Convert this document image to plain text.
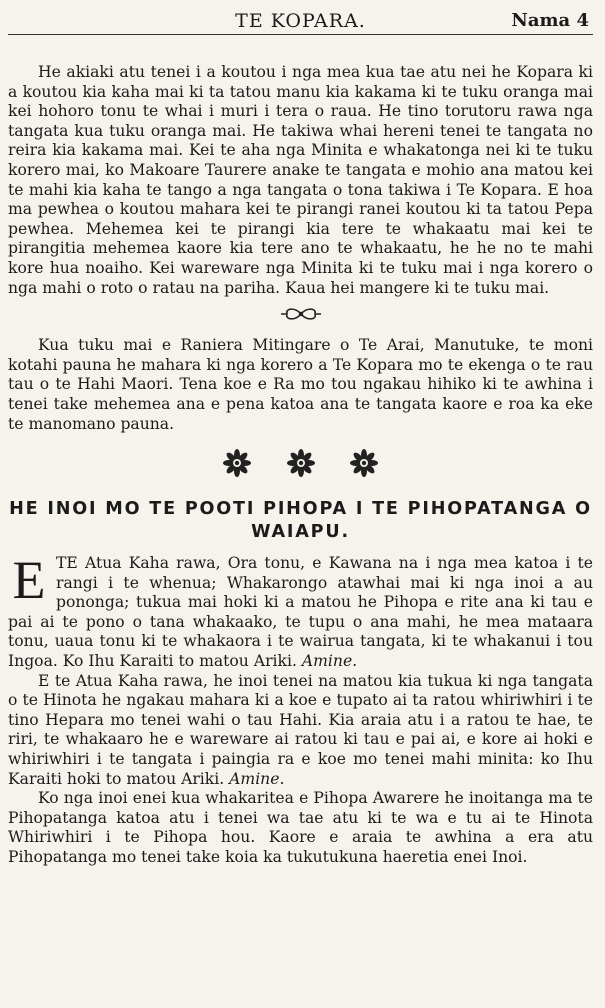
TE KOPARA.	Nama 4

He akiaki atu tenei i a koutou i nga mea kua tae atu nei he Kopara ki a koutou kia kaha mai ki ta tatou manu kia kakama ki te tuku oranga mai kei hohoro tonu te whai i muri i tera o raua. He tino torutoru rawa nga tangata kua tuku oranga mai. He takiwa whai hereni tenei te tangata no reira kia kakama mai. Kei te aha nga Minita e whakatonga nei ki te tuku korero mai, ko Makoare Taurere anake te tangata e mohio ana matou kei te mahi kia kaha te tango a nga tangata o tona takiwa i Te Kopara. E hoa ma pewhea o koutou mahara kei te pirangi ranei koutou ki ta tatou Pepa pewhea. Mehemea kei te pirangi kia tere te whakaatu mai kei te pirangitia mehemea kaore kia tere ano te whakaatu, he he no te mahi kore hua noaiho. Kei wareware nga Minita ki te tuku mai i nga korero o nga mahi o roto o ratau na pariha. Kaua hei mangere ki te tuku mai.

Kua tuku mai e Raniera Mitingare o Te Arai, Manutuke, te moni kotahi pauna he mahara ki nga korero a Te Kopara mo te ekenga o te rau tau o te Hahi Maori. Tena koe e Ra mo tou ngakau hihiko ki te awhina i tenei take mehemea ana e pena katoa ana te tangata kaore e roa ka eke te manomano pauna.

HE INOI MO TE POOTI PIHOPA I TE PIHOPATANGA O WAIAPU.

ETE Atua Kaha rawa, Ora tonu, e Kawana na i nga mea katoa i te rangi i te whenua; Whakarongo atawhai mai ki nga inoi a au pononga; tukua mai hoki ki a matou he Pihopa e rite ana ki tau e pai ai te pono o tana whakaako, te tupu o ana mahi, he mea mataara tonu, uaua tonu ki te whakaora i te wairua tangata, ki te whakanui i tou Ingoa. Ko Ihu Karaiti to matou Ariki. Amine.

E te Atua Kaha rawa, he inoi tenei na matou kia tukua ki nga tangata o te Hinota he ngakau mahara ki a koe e tupato ai ta ratou whiriwhiri i te tino Hepara mo tenei wahi o tau Hahi. Kia araia atu i a ratou te hae, te riri, te whakaaro he e wareware ai ratou ki tau e pai ai, e kore ai hoki e whiriwhiri i te tangata i paingia ra e koe mo tenei mahi minita: ko Ihu Karaiti hoki to matou Ariki. Amine.

Ko nga inoi enei kua whakaritea e Pihopa Awarere he inoitanga ma te Pihopatanga katoa atu i tenei wa tae atu ki te wa e tu ai te Hinota Whiriwhiri i te Pihopa hou. Kaore e araia te awhina a era atu Pihopatanga mo tenei take koia ka tukutukuna haeretia enei Inoi.
